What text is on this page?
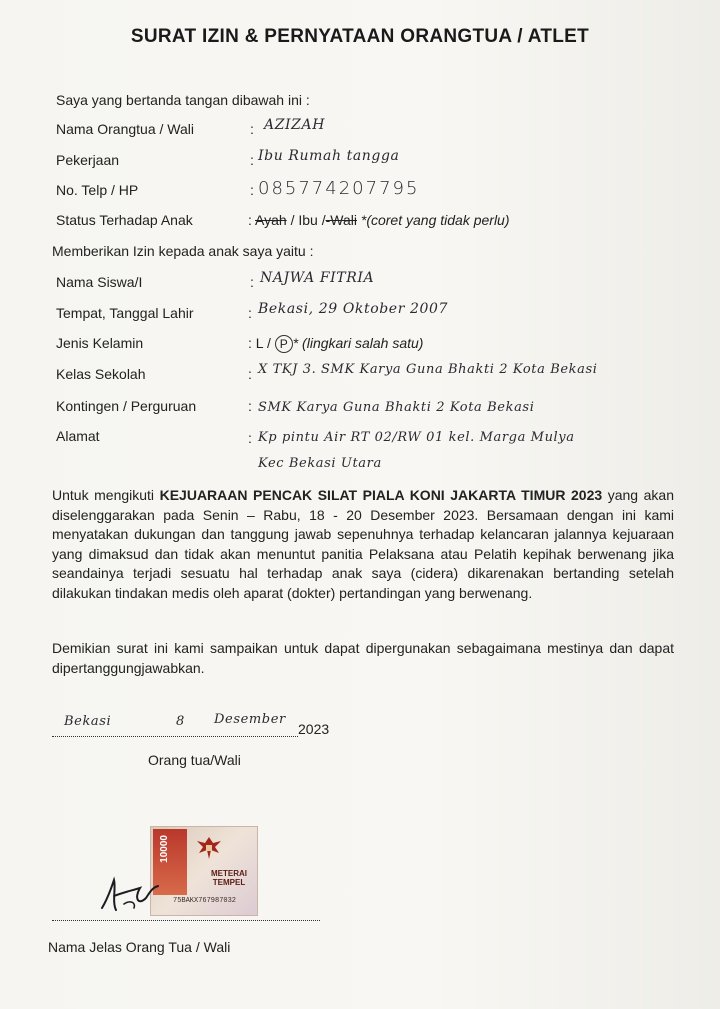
SURAT IZIN & PERNYATAAN ORANGTUA / ATLET
Saya yang bertanda tangan dibawah ini :
Nama Orangtua / Wali	: AZIZAH
Pekerjaan	: Ibu Rumah tangga
No. Telp / HP	: 085774207795
Status Terhadap Anak	: Ayah / Ibu /-Wali *(coret yang tidak perlu)
Memberikan Izin kepada anak saya yaitu :
Nama Siswa/I	: NAJWA FITRIA
Tempat, Tanggal Lahir	: Bekasi, 29 Oktober 2007
Jenis Kelamin	: L / P * (lingkari salah satu)
Kelas Sekolah	: X TKJ 3. SMK Karya Guna Bhakti 2 Kota Bekasi
Kontingen / Perguruan	: SMK Karya Guna Bhakti 2 Kota Bekasi
Alamat	: Kp pintu Air RT 02/RW 01 kel. Marga Mulya
Kec Bekasi Utara
Untuk mengikuti KEJUARAAN PENCAK SILAT PIALA KONI JAKARTA TIMUR 2023 yang akan diselenggarakan pada Senin – Rabu, 18 - 20 Desember 2023. Bersamaan dengan ini kami menyatakan dukungan dan tanggung jawab sepenuhnya terhadap kelancaran jalannya kejuaraan yang dimaksud dan tidak akan menuntut panitia Pelaksana atau Pelatih kepihak berwenang jika seandainya terjadi sesuatu hal terhadap anak saya (cidera) dikarenakan bertanding setelah dilakukan tindakan medis oleh aparat (dokter) pertandingan yang berwenang.
Demikian surat ini kami sampaikan untuk dapat dipergunakan sebagaimana mestinya dan dapat dipertanggungjawabkan.
Bekasi	8 Desember
2023
Orang tua/Wali
10000
METERAI
TEMPEL
75BAKX767987032
Nama Jelas Orang Tua / Wali
